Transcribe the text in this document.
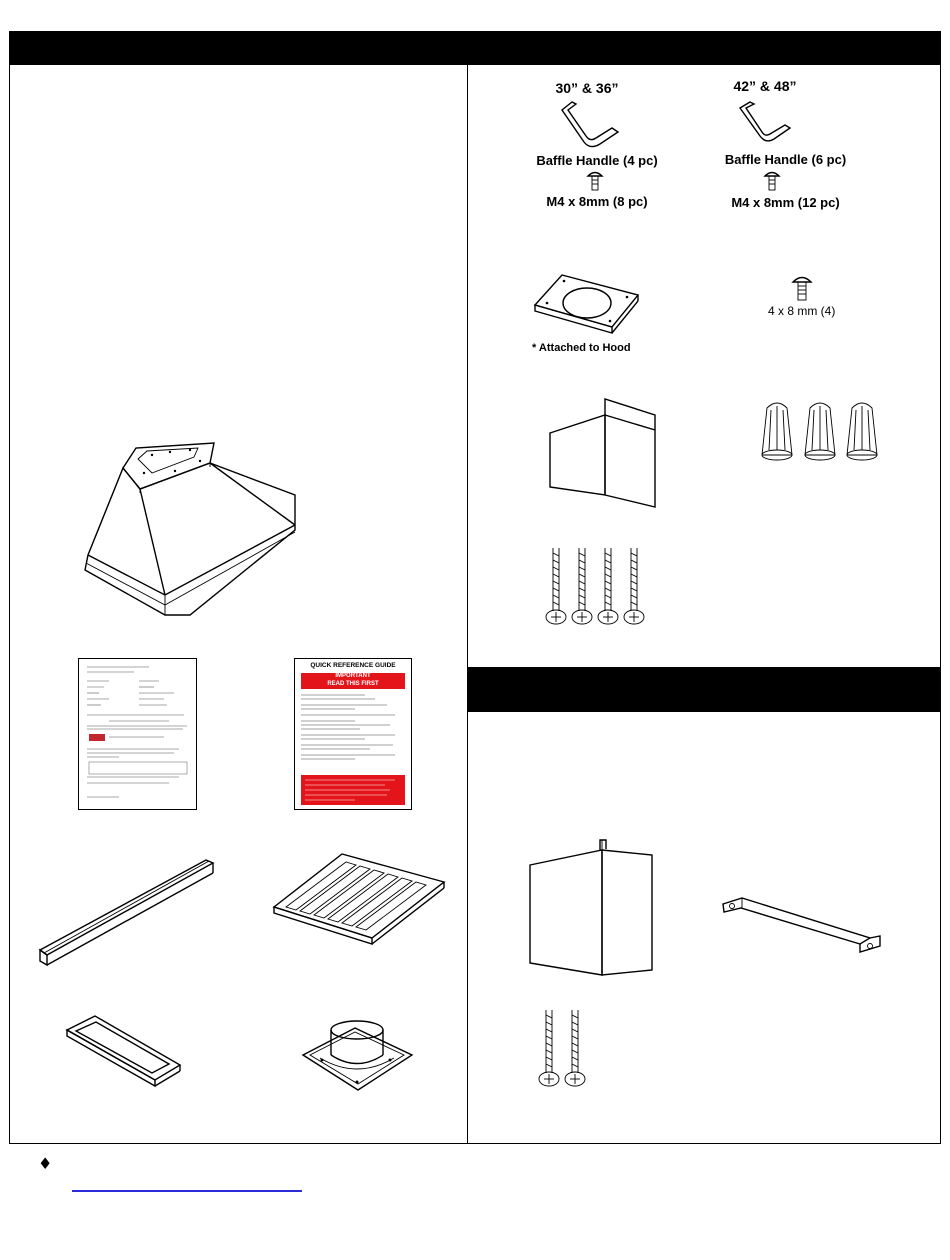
QUICK REFERENCE GUIDE
IMPORTANT
READ THIS FIRST
30” & 36”
Baffle Handle (4 pc)
M4 x 8mm (8 pc)
42” & 48”
Baffle Handle (6 pc)
M4 x 8mm (12 pc)
* Attached to Hood
4 x 8 mm (4)
♦
